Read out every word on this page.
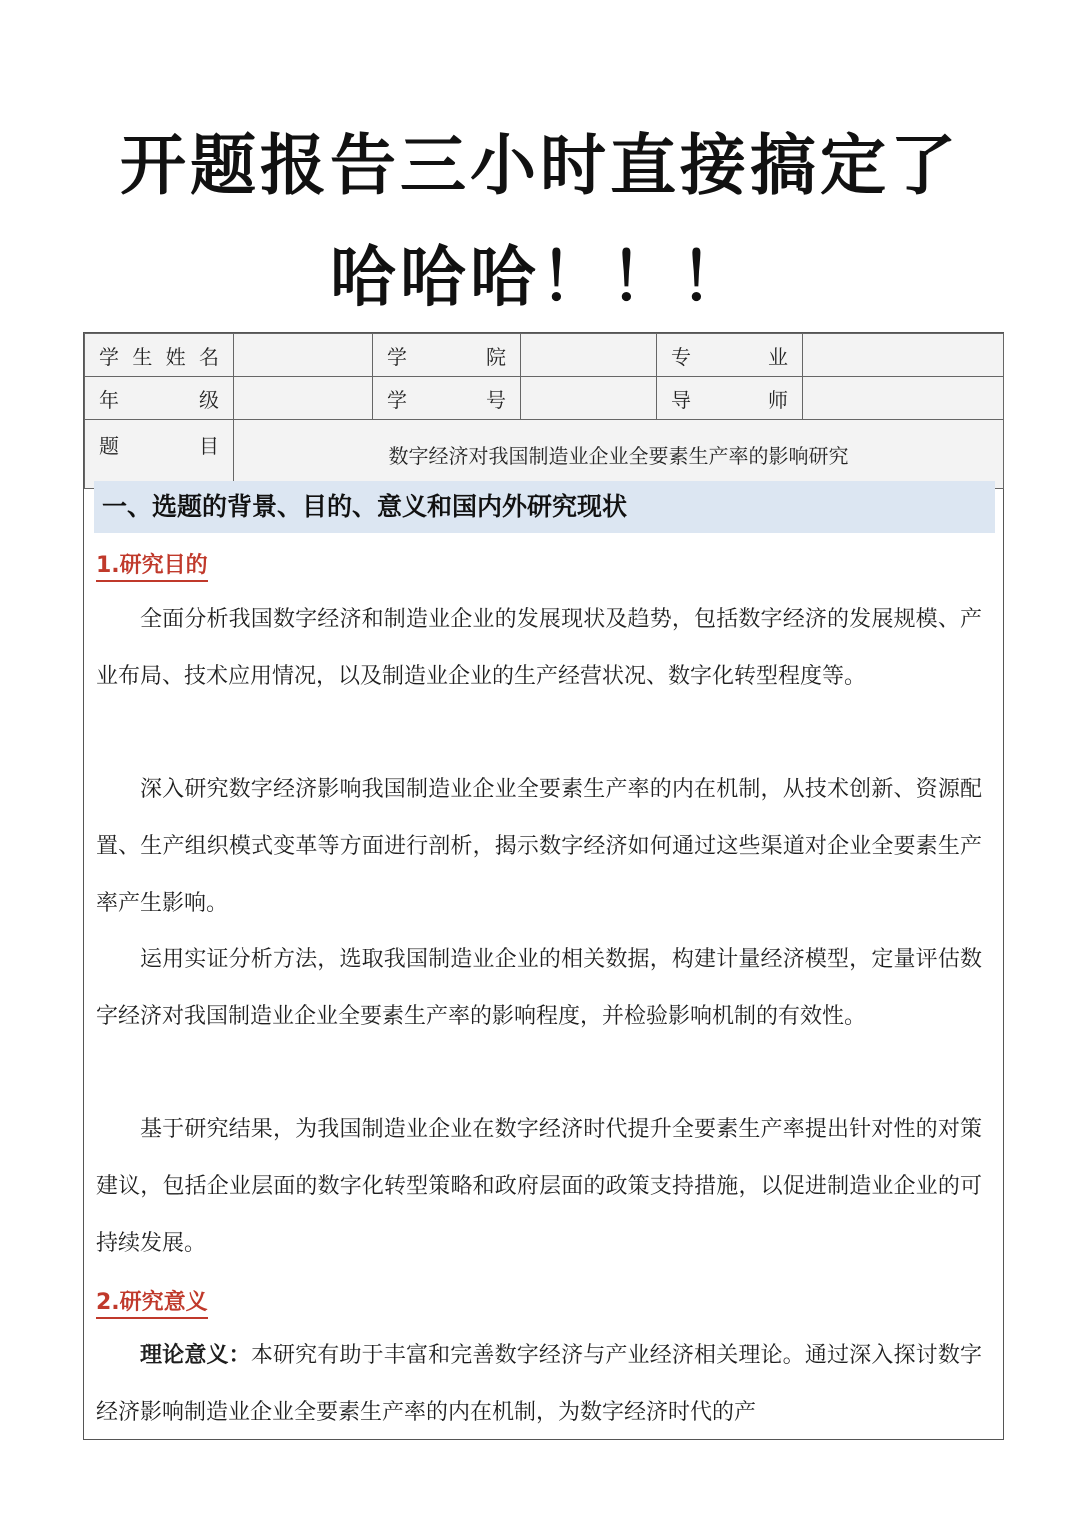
开题报告三小时直接搞定了
哈哈哈！！！
学 生 姓 名		学 院		专 业	

年 级		学 号		导 师	

题 目	数字经济对我国制造业企业全要素生产率的影响研究				
一、选题的背景、目的、意义和国内外研究现状
1.研究目的

全面分析我国数字经济和制造业企业的发展现状及趋势，包括数字经济的发展规模、产业布局、技术应用情况，以及制造业企业的生产经营状况、数字化转型程度等。

深入研究数字经济影响我国制造业企业全要素生产率的内在机制，从技术创新、资源配置、生产组织模式变革等方面进行剖析，揭示数字经济如何通过这些渠道对企业全要素生产率产生影响。

运用实证分析方法，选取我国制造业企业的相关数据，构建计量经济模型，定量评估数字经济对我国制造业企业全要素生产率的影响程度，并检验影响机制的有效性。

基于研究结果，为我国制造业企业在数字经济时代提升全要素生产率提出针对性的对策建议，包括企业层面的数字化转型策略和政府层面的政策支持措施，以促进制造业企业的可持续发展。

2.研究意义

理论意义：本研究有助于丰富和完善数字经济与产业经济相关理论。通过深入探讨数字经济影响制造业企业全要素生产率的内在机制，为数字经济时代的产
